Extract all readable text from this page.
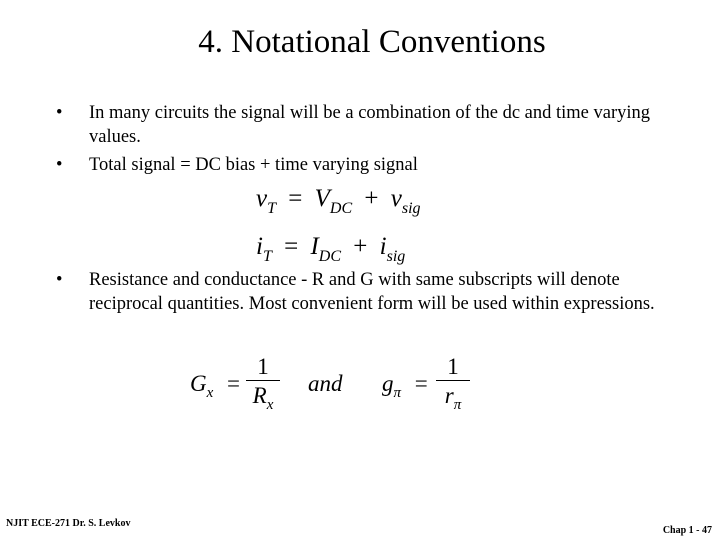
4. Notational Conventions
•	In many circuits the signal will be a combination of the dc and time varying values.
•	Total signal = DC bias + time varying signal
$v_T = V_{DC} + v_{sig}$
$i_T = I_{DC} + i_{sig}$
•	Resistance and conductance - R and G with same subscripts will denote reciprocal quantities. Most convenient form will be used within expressions.
$G_x$ =
1
$R_x$
and $g_\pi$ =
1
$r_\pi$
NJIT ECE-271 Dr. S. Levkov
Chap 1 - 47
